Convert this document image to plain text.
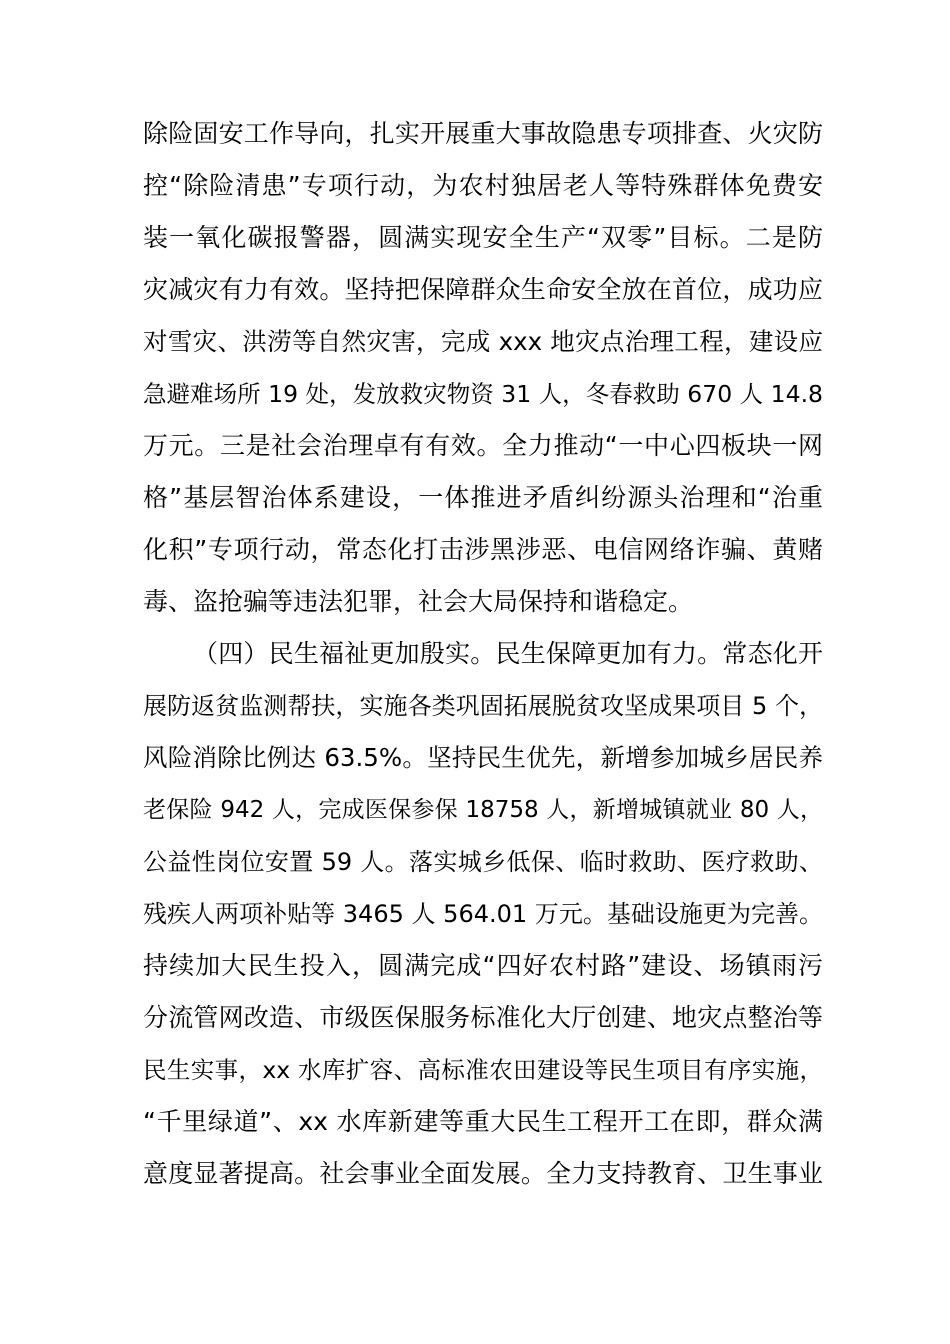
除险固安工作导向，扎实开展重大事故隐患专项排查、火灾防
控“除险清患”专项行动，为农村独居老人等特殊群体免费安
装一氧化碳报警器，圆满实现安全生产“双零”目标。二是防
灾减灾有力有效。坚持把保障群众生命安全放在首位，成功应
对雪灾、洪涝等自然灾害，完成 xxx 地灾点治理工程，建设应
急避难场所 19 处，发放救灾物资 31 人，冬春救助 670 人 14.8
万元。三是社会治理卓有有效。全力推动“一中心四板块一网
格”基层智治体系建设，一体推进矛盾纠纷源头治理和“治重
化积”专项行动，常态化打击涉黑涉恶、电信网络诈骗、黄赌
毒、盗抢骗等违法犯罪，社会大局保持和谐稳定。
（四）民生福祉更加殷实。民生保障更加有力。常态化开
展防返贫监测帮扶，实施各类巩固拓展脱贫攻坚成果项目 5 个，
风险消除比例达 63.5%。坚持民生优先，新增参加城乡居民养
老保险 942 人，完成医保参保 18758 人，新增城镇就业 80 人，
公益性岗位安置 59 人。落实城乡低保、临时救助、医疗救助、
残疾人两项补贴等 3465 人 564.01 万元。基础设施更为完善。
持续加大民生投入，圆满完成“四好农村路”建设、场镇雨污
分流管网改造、市级医保服务标准化大厅创建、地灾点整治等
民生实事，xx 水库扩容、高标准农田建设等民生项目有序实施，
“千里绿道”、xx 水库新建等重大民生工程开工在即，群众满
意度显著提高。社会事业全面发展。全力支持教育、卫生事业
